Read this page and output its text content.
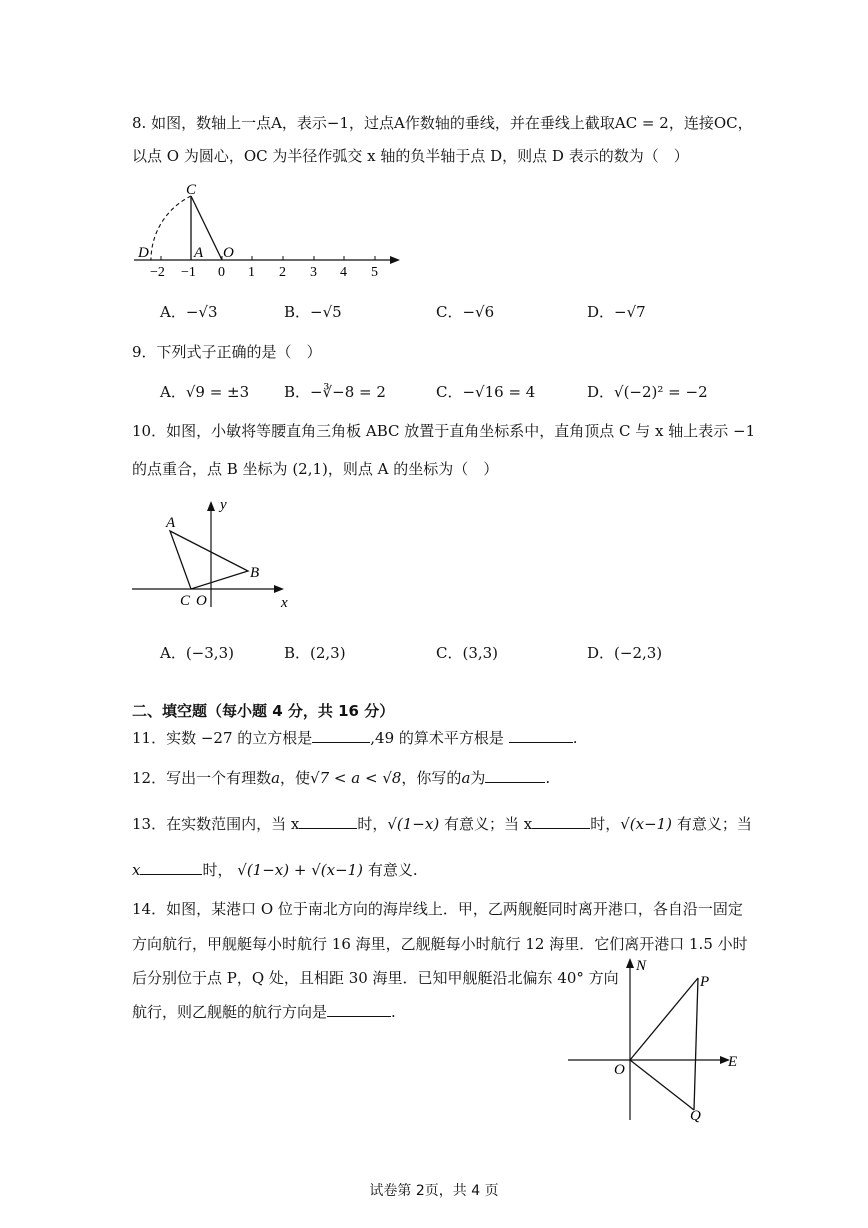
8. 如图，数轴上一点A，表示−1，过点A作数轴的垂线，并在垂线上截取AC = 2，连接OC，
以点 O 为圆心，OC 为半径作弧交 x 轴的负半轴于点 D，则点 D 表示的数为（　）
C
D	A O
−2 −1 0 1 2 3 4 5
A．−√3	B．−√5	C．−√6	D．−√7
9．下列式子正确的是（　）
A．√9 = ±3 B．−∛−8 = 2	C．−√16 = 4	D．√(−2)² = −2
10．如图，小敏将等腰直角三角板 ABC 放置于直角坐标系中，直角顶点 C 与 x 轴上表示 −1
的点重合，点 B 坐标为 (2,1)，则点 A 的坐标为（　）
y
A
B
C O	x
A．(−3,3)	B．(2,3)	C．(3,3)	D．(−2,3)
二、填空题（每小题 4 分，共 16 分）
11．实数 −27 的立方根是	,49 的算术平方根是	.
12．写出一个有理数a，使√7 < a < √8，你写的a为	.
13．在实数范围内，当 x	时，√(1−x) 有意义；当 x	时，√(x−1) 有意义；当
x	时， √(1−x) + √(x−1) 有意义.
14．如图，某港口 O 位于南北方向的海岸线上．甲，乙两舰艇同时离开港口，各自沿一固定
方向航行，甲舰艇每小时航行 16 海里，乙舰艇每小时航行 12 海里．它们离开港口 1.5 小时
后分别位于点 P，Q 处，且相距 30 海里．已知甲舰艇沿北偏东 40° 方向
航行，则乙舰艇的航行方向是	.
N
P
O	E
Q
试卷第 2页，共 4 页
